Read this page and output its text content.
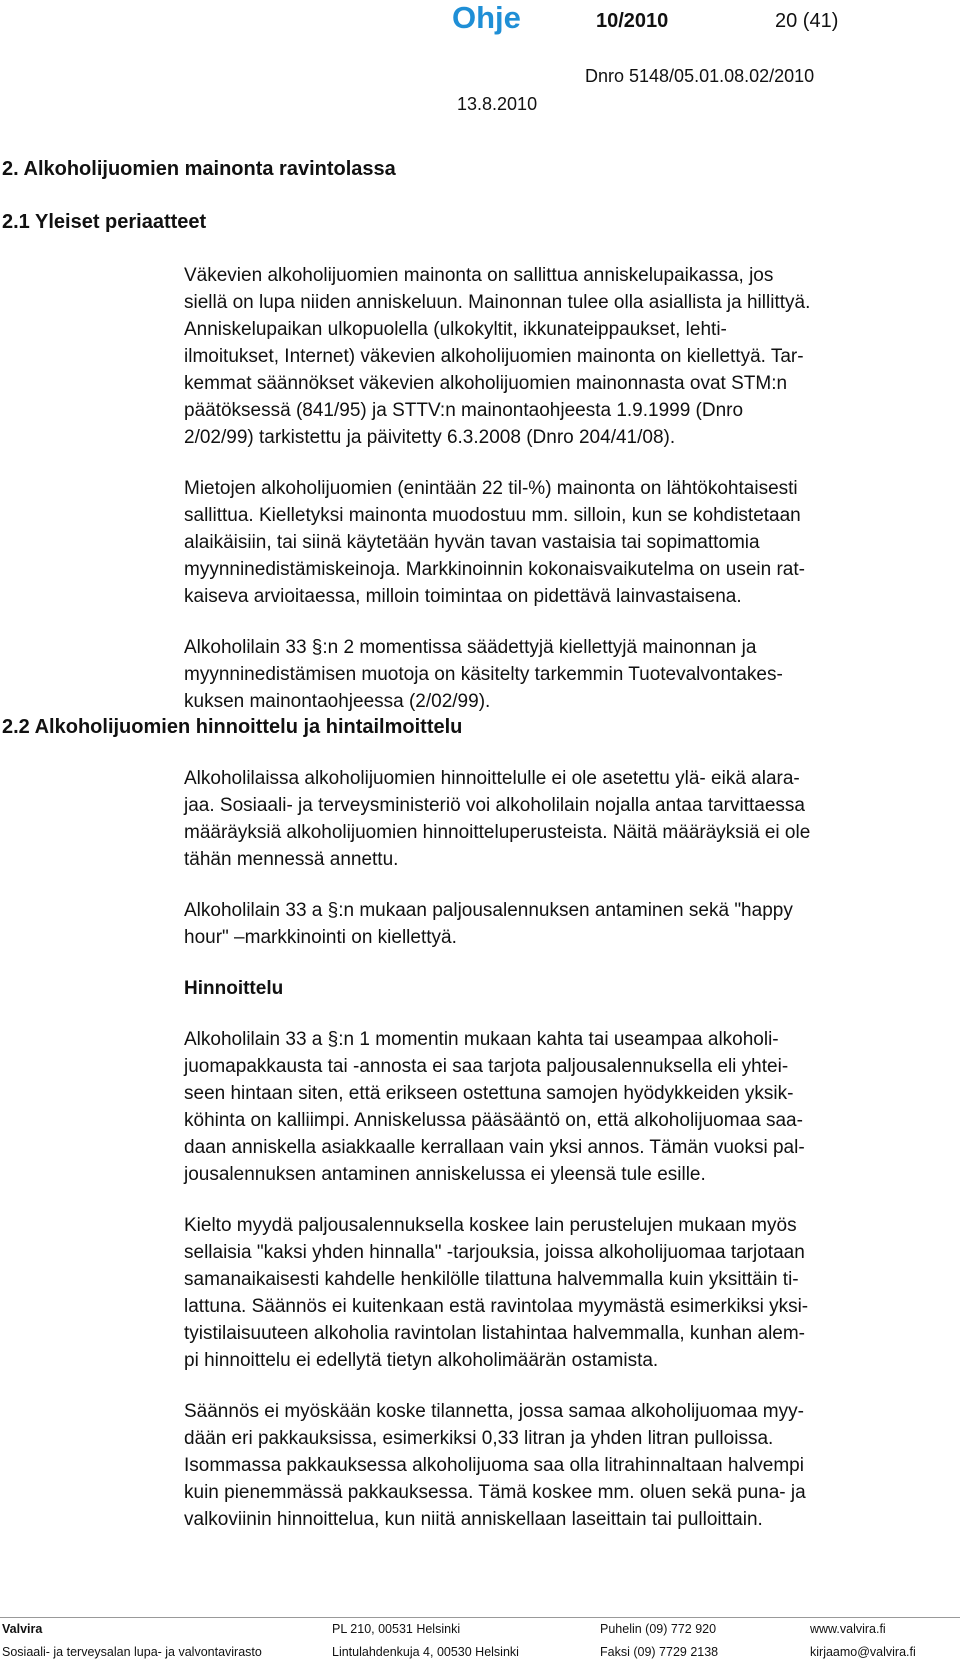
Ohje	10/2010	20 (41)
Dnro 5148/05.01.08.02/2010
13.8.2010
2. Alkoholijuomien mainonta ravintolassa
2.1 Yleiset periaatteet

Väkevien alkoholijuomien mainonta on sallittua anniskelupaikassa, jos

siellä on lupa niiden anniskeluun. Mainonnan tulee olla asiallista ja hillittyä.

Anniskelupaikan ulkopuolella (ulkokyltit, ikkunateippaukset, lehti-

ilmoitukset, Internet) väkevien alkoholijuomien mainonta on kiellettyä. Tar-

kemmat säännökset väkevien alkoholijuomien mainonnasta ovat STM:n

päätöksessä (841/95) ja STTV:n mainontaohjeesta 1.9.1999 (Dnro

2/02/99) tarkistettu ja päivitetty 6.3.2008 (Dnro 204/41/08).

Mietojen alkoholijuomien (enintään 22 til-%) mainonta on lähtökohtaisesti

sallittua. Kielletyksi mainonta muodostuu mm. silloin, kun se kohdistetaan

alaikäisiin, tai siinä käytetään hyvän tavan vastaisia tai sopimattomia

myynninedistämiskeinoja. Markkinoinnin kokonaisvaikutelma on usein rat-

kaiseva arvioitaessa, milloin toimintaa on pidettävä lainvastaisena.

Alkoholilain 33 §:n 2 momentissa säädettyjä kiellettyjä mainonnan ja

myynninedistämisen muotoja on käsitelty tarkemmin Tuotevalvontakes-

kuksen mainontaohjeessa (2/02/99).

2.2 Alkoholijuomien hinnoittelu ja hintailmoittelu

Alkoholilaissa alkoholijuomien hinnoittelulle ei ole asetettu ylä- eikä alara-

jaa. Sosiaali- ja terveysministeriö voi alkoholilain nojalla antaa tarvittaessa

määräyksiä alkoholijuomien hinnoitteluperusteista. Näitä määräyksiä ei ole

tähän mennessä annettu.

Alkoholilain 33 a §:n mukaan paljousalennuksen antaminen sekä "happy

hour" –markkinointi on kiellettyä.

Hinnoittelu

Alkoholilain 33 a §:n 1 momentin mukaan kahta tai useampaa alkoholi-

juomapakkausta tai -annosta ei saa tarjota paljousalennuksella eli yhtei-

seen hintaan siten, että erikseen ostettuna samojen hyödykkeiden yksik-

köhinta on kalliimpi. Anniskelussa pääsääntö on, että alkoholijuomaa saa-

daan anniskella asiakkaalle kerrallaan vain yksi annos. Tämän vuoksi pal-

jousalennuksen antaminen anniskelussa ei yleensä tule esille.

Kielto myydä paljousalennuksella koskee lain perustelujen mukaan myös

sellaisia "kaksi yhden hinnalla" -tarjouksia, joissa alkoholijuomaa tarjotaan

samanaikaisesti kahdelle henkilölle tilattuna halvemmalla kuin yksittäin ti-

lattuna. Säännös ei kuitenkaan estä ravintolaa myymästä esimerkiksi yksi-

tyistilaisuuteen alkoholia ravintolan listahintaa halvemmalla, kunhan alem-

pi hinnoittelu ei edellytä tietyn alkoholimäärän ostamista.

Säännös ei myöskään koske tilannetta, jossa samaa alkoholijuomaa myy-

dään eri pakkauksissa, esimerkiksi 0,33 litran ja yhden litran pulloissa.

Isommassa pakkauksessa alkoholijuoma saa olla litrahinnaltaan halvempi

kuin pienemmässä pakkauksessa. Tämä koskee mm. oluen sekä puna- ja

valkoviinin hinnoittelua, kun niitä anniskellaan laseittain tai pulloittain.

Valvira
Sosiaali- ja terveysalan lupa- ja valvontavirasto
PL 210, 00531 Helsinki
Lintulahdenkuja 4, 00530 Helsinki
Puhelin (09) 772 920
Faksi (09) 7729 2138
www.valvira.fi
kirjaamo@valvira.fi
